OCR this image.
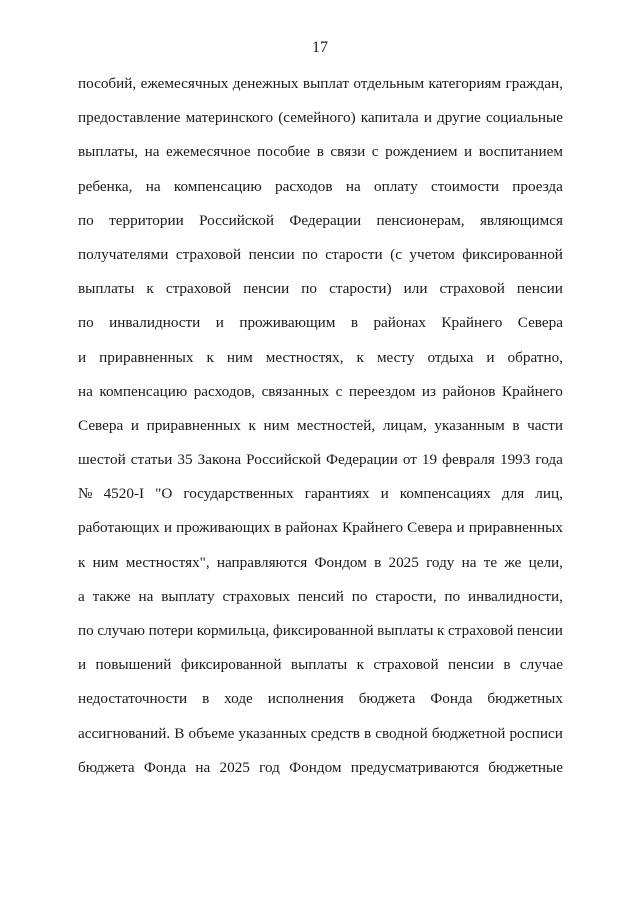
17
пособий, ежемесячных денежных выплат отдельным категориям граждан,
предоставление материнского (семейного) капитала и другие социальные
выплаты, на ежемесячное пособие в связи с рождением и воспитанием
ребенка, на компенсацию расходов на оплату стоимости проезда
по территории Российской Федерации пенсионерам, являющимся
получателями страховой пенсии по старости (с учетом фиксированной
выплаты к страховой пенсии по старости) или страховой пенсии
по инвалидности и проживающим в районах Крайнего Севера
и приравненных к ним местностях, к месту отдыха и обратно,
на компенсацию расходов, связанных с переездом из районов Крайнего
Севера и приравненных к ним местностей, лицам, указанным в части
шестой статьи 35 Закона Российской Федерации от 19 февраля 1993 года
№ 4520-I "О государственных гарантиях и компенсациях для лиц,
работающих и проживающих в районах Крайнего Севера и приравненных
к ним местностях", направляются Фондом в 2025 году на те же цели,
а также на выплату страховых пенсий по старости, по инвалидности,
по случаю потери кормильца, фиксированной выплаты к страховой пенсии
и повышений фиксированной выплаты к страховой пенсии в случае
недостаточности в ходе исполнения бюджета Фонда бюджетных
ассигнований. В объеме указанных средств в сводной бюджетной росписи
бюджета Фонда на 2025 год Фондом предусматриваются бюджетные
